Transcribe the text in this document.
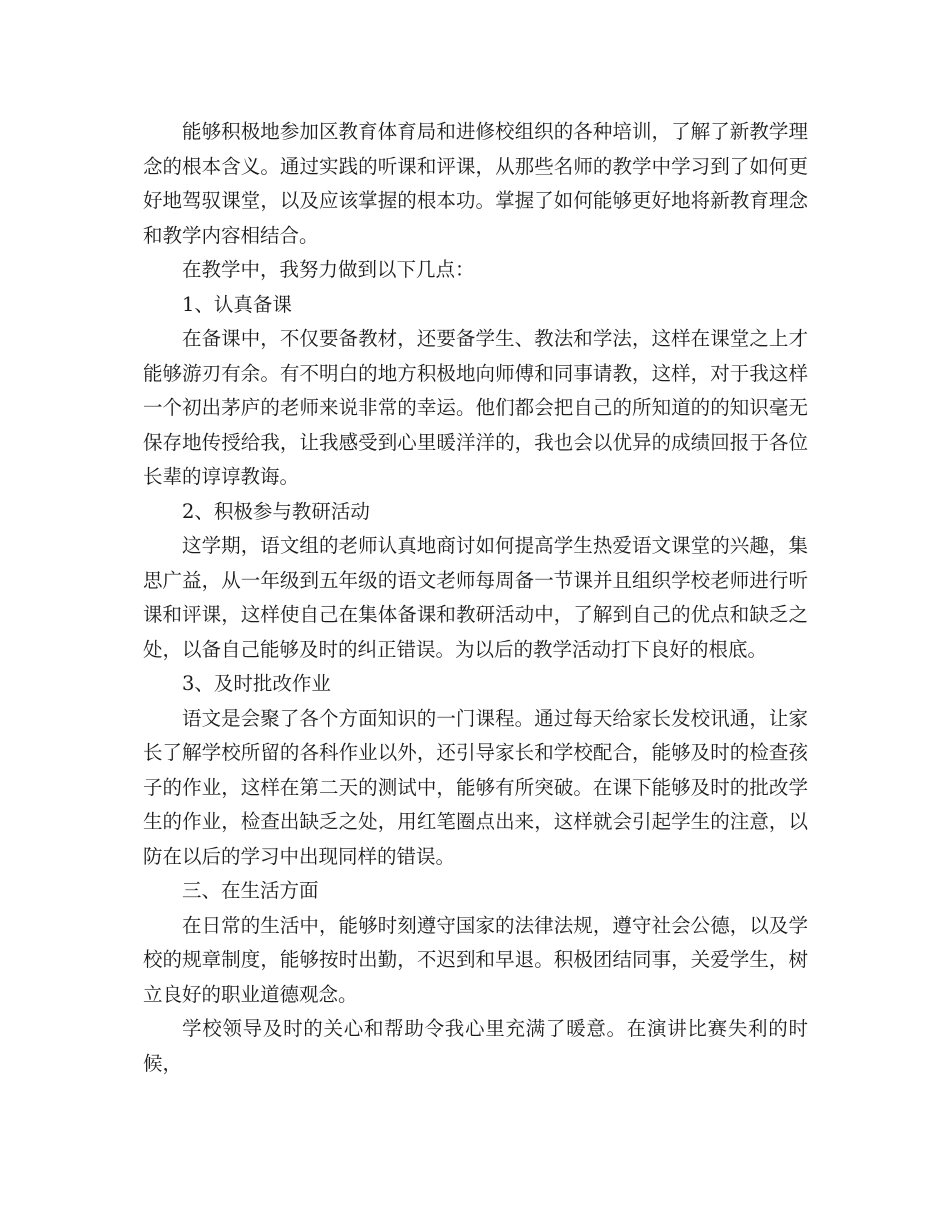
能够积极地参加区教育体育局和进修校组织的各种培训，了解了新教学理念的根本含义。通过实践的听课和评课，从那些名师的教学中学习到了如何更好地驾驭课堂，以及应该掌握的根本功。掌握了如何能够更好地将新教育理念和教学内容相结合。

在教学中，我努力做到以下几点：

1、认真备课

在备课中，不仅要备教材，还要备学生、教法和学法，这样在课堂之上才能够游刃有余。有不明白的地方积极地向师傅和同事请教，这样，对于我这样一个初出茅庐的老师来说非常的幸运。他们都会把自己的所知道的的知识毫无保存地传授给我，让我感受到心里暖洋洋的，我也会以优异的成绩回报于各位长辈的谆谆教诲。

2、积极参与教研活动

这学期，语文组的老师认真地商讨如何提高学生热爱语文课堂的兴趣，集思广益，从一年级到五年级的语文老师每周备一节课并且组织学校老师进行听课和评课，这样使自己在集体备课和教研活动中，了解到自己的优点和缺乏之处，以备自己能够及时的纠正错误。为以后的教学活动打下良好的根底。

3、及时批改作业

语文是会聚了各个方面知识的一门课程。通过每天给家长发校讯通，让家长了解学校所留的各科作业以外，还引导家长和学校配合，能够及时的检查孩子的作业，这样在第二天的测试中，能够有所突破。在课下能够及时的批改学生的作业，检查出缺乏之处，用红笔圈点出来，这样就会引起学生的注意，以防在以后的学习中出现同样的错误。

三、在生活方面

在日常的生活中，能够时刻遵守国家的法律法规，遵守社会公德，以及学校的规章制度，能够按时出勤，不迟到和早退。积极团结同事，关爱学生，树立良好的职业道德观念。

学校领导及时的关心和帮助令我心里充满了暖意。在演讲比赛失利的时候，
